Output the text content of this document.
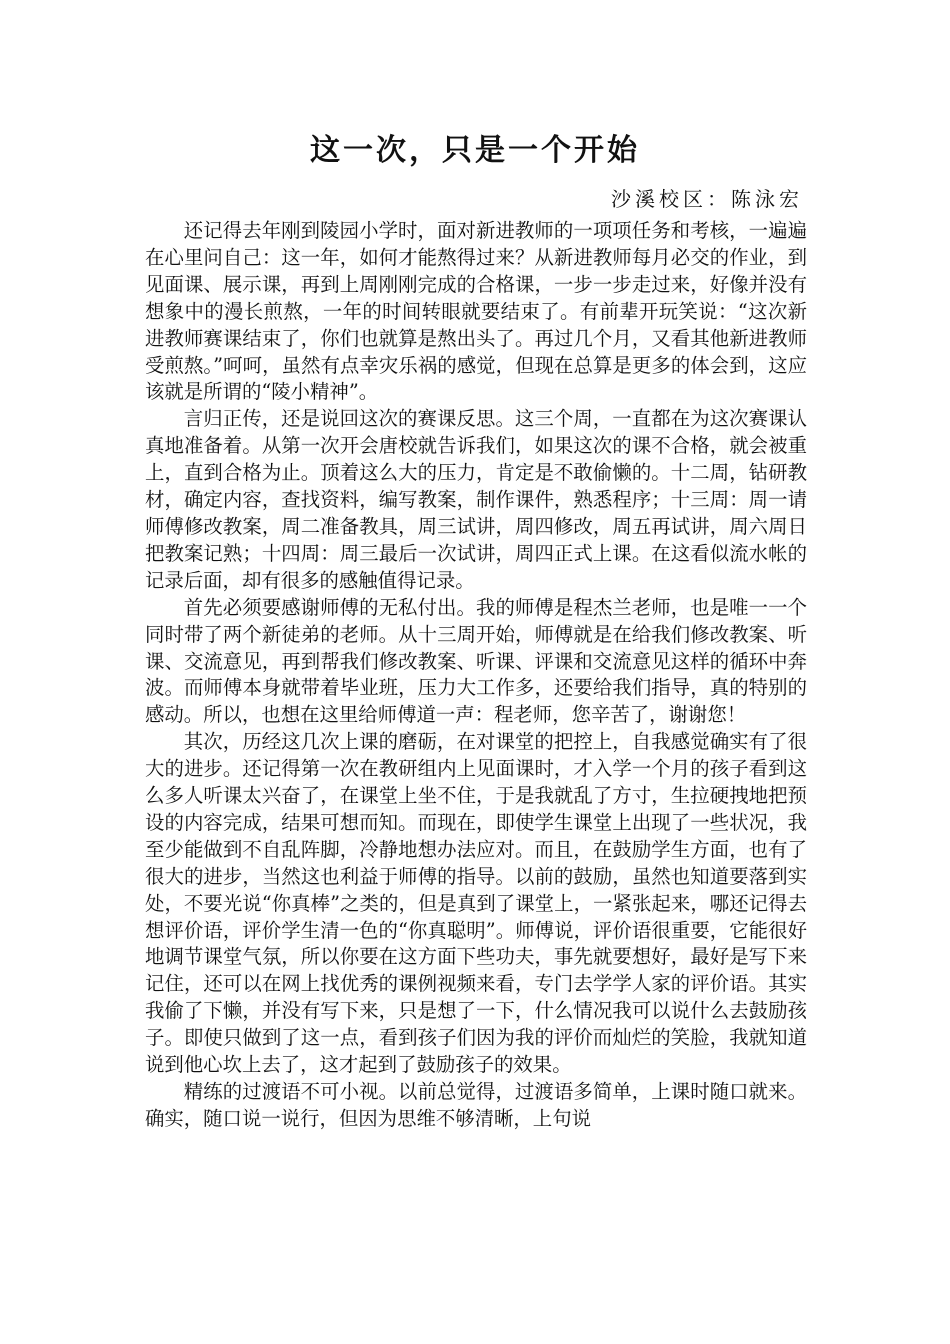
这一次，只是一个开始
沙溪校区：陈泳宏

还记得去年刚到陵园小学时，面对新进教师的一项项任务和考核，一遍遍在心里问自己：这一年，如何才能熬得过来？从新进教师每月必交的作业，到见面课、展示课，再到上周刚刚完成的合格课，一步一步走过来，好像并没有想象中的漫长煎熬，一年的时间转眼就要结束了。有前辈开玩笑说：“这次新进教师赛课结束了，你们也就算是熬出头了。再过几个月，又看其他新进教师受煎熬。”呵呵，虽然有点幸灾乐祸的感觉，但现在总算是更多的体会到，这应该就是所谓的“陵小精神”。

言归正传，还是说回这次的赛课反思。这三个周，一直都在为这次赛课认真地准备着。从第一次开会唐校就告诉我们，如果这次的课不合格，就会被重上，直到合格为止。顶着这么大的压力，肯定是不敢偷懒的。十二周，钻研教材，确定内容，查找资料，编写教案，制作课件，熟悉程序；十三周：周一请师傅修改教案，周二准备教具，周三试讲，周四修改，周五再试讲，周六周日把教案记熟；十四周：周三最后一次试讲，周四正式上课。在这看似流水帐的记录后面，却有很多的感触值得记录。

首先必须要感谢师傅的无私付出。我的师傅是程杰兰老师，也是唯一一个同时带了两个新徒弟的老师。从十三周开始，师傅就是在给我们修改教案、听课、交流意见，再到帮我们修改教案、听课、评课和交流意见这样的循环中奔波。而师傅本身就带着毕业班，压力大工作多，还要给我们指导，真的特别的感动。所以，也想在这里给师傅道一声：程老师，您辛苦了，谢谢您！

其次，历经这几次上课的磨砺，在对课堂的把控上，自我感觉确实有了很大的进步。还记得第一次在教研组内上见面课时，才入学一个月的孩子看到这么多人听课太兴奋了，在课堂上坐不住，于是我就乱了方寸，生拉硬拽地把预设的内容完成，结果可想而知。而现在，即使学生课堂上出现了一些状况，我至少能做到不自乱阵脚，冷静地想办法应对。而且，在鼓励学生方面，也有了很大的进步，当然这也利益于师傅的指导。以前的鼓励，虽然也知道要落到实处，不要光说“你真棒”之类的，但是真到了课堂上，一紧张起来，哪还记得去想评价语，评价学生清一色的“你真聪明”。师傅说，评价语很重要，它能很好地调节课堂气氛，所以你要在这方面下些功夫，事先就要想好，最好是写下来记住，还可以在网上找优秀的课例视频来看，专门去学学人家的评价语。其实我偷了下懒，并没有写下来，只是想了一下，什么情况我可以说什么去鼓励孩子。即使只做到了这一点，看到孩子们因为我的评价而灿烂的笑脸，我就知道说到他心坎上去了，这才起到了鼓励孩子的效果。

精练的过渡语不可小视。以前总觉得，过渡语多简单，上课时随口就来。确实，随口说一说行，但因为思维不够清晰，上句说
